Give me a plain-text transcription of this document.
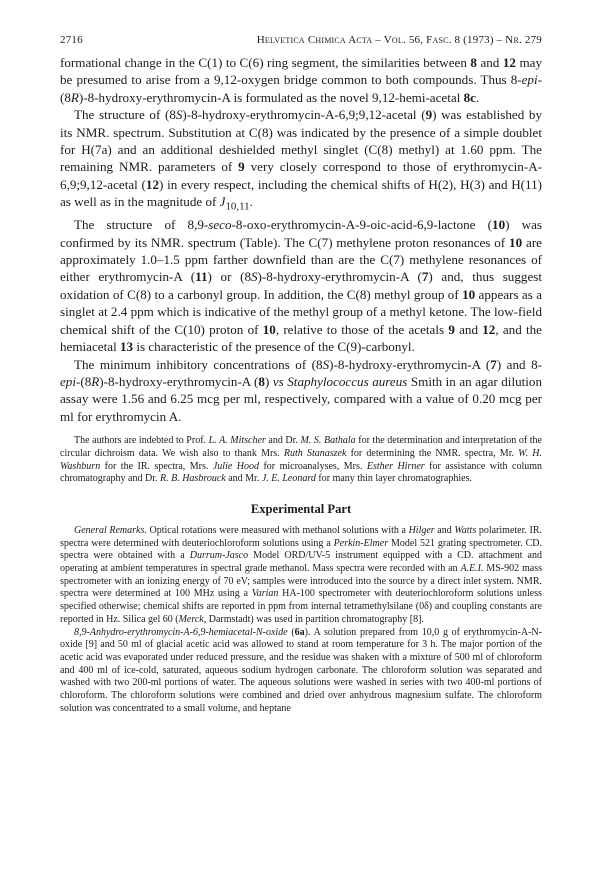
2716	Helvetica Chimica Acta – Vol. 56, Fasc. 8 (1973) – Nr. 279

formational change in the C(1) to C(6) ring segment, the similarities between 8 and 12 may be presumed to arise from a 9,12-oxygen bridge common to both compounds. Thus 8-epi-(8R)-8-hydroxy-erythromycin-A is formulated as the novel 9,12-hemi-acetal 8c.

The structure of (8S)-8-hydroxy-erythromycin-A-6,9;9,12-acetal (9) was established by its NMR. spectrum. Substitution at C(8) was indicated by the presence of a simple doublet for H(7a) and an additional deshielded methyl singlet (C(8) methyl) at 1.60 ppm. The remaining NMR. parameters of 9 very closely correspond to those of erythromycin-A-6,9;9,12-acetal (12) in every respect, including the chemical shifts of H(2), H(3) and H(11) as well as in the magnitude of $J_{10,11}$.

The structure of 8,9-seco-8-oxo-erythromycin-A-9-oic-acid-6,9-lactone (10) was confirmed by its NMR. spectrum (Table). The C(7) methylene proton resonances of 10 are approximately 1.0–1.5 ppm farther downfield than are the C(7) methylene resonances of either erythromycin-A (11) or (8S)-8-hydroxy-erythromycin-A (7) and, thus suggest oxidation of C(8) to a carbonyl group. In addition, the C(8) methyl group of 10 appears as a singlet at 2.4 ppm which is indicative of the methyl group of a methyl ketone. The low-field chemical shift of the C(10) proton of 10, relative to those of the acetals 9 and 12, and the hemiacetal 13 is characteristic of the presence of the C(9)-carbonyl.

The minimum inhibitory concentrations of (8S)-8-hydroxy-erythromycin-A (7) and 8-epi-(8R)-8-hydroxy-erythromycin-A (8) vs Staphylococcus aureus Smith in an agar dilution assay were 1.56 and 6.25 mcg per ml, respectively, compared with a value of 0.20 mcg per ml for erythromycin A.

The authors are indebted to Prof. L. A. Mitscher and Dr. M. S. Bathala for the determination and interpretation of the circular dichroism data. We wish also to thank Mrs. Ruth Stanaszek for determining the NMR. spectra, Mr. W. H. Washburn for the IR. spectra, Mrs. Julie Hood for microanalyses, Mrs. Esther Hirner for assistance with column chromatography and Dr. R. B. Hasbrouck and Mr. J. E. Leonard for many thin layer chromatographies.

Experimental Part

General Remarks. Optical rotations were measured with methanol solutions with a Hilger and Watts polarimeter. IR. spectra were determined with deuteriochloroform solutions using a Perkin-Elmer Model 521 grating spectrometer. CD. spectra were obtained with a Durrum-Jasco Model ORD/UV-5 instrument equipped with a CD. attachment and operating at ambient temperatures in spectral grade methanol. Mass spectra were recorded with an A.E.I. MS-902 mass spectrometer with an ionizing energy of 70 eV; samples were introduced into the source by a direct inlet system. NMR. spectra were determined at 100 MHz using a Varian HA-100 spectrometer with deuteriochloroform solutions unless specified otherwise; chemical shifts are reported in ppm from internal tetramethylsilane (0δ) and coupling constants are reported in Hz. Silica gel 60 (Merck, Darmstadt) was used in partition chromatography [8].

8,9-Anhydro-erythromycin-A-6,9-hemiacetal-N-oxide (6a). A solution prepared from 10,0 g of erythromycin-A-N-oxide [9] and 50 ml of glacial acetic acid was allowed to stand at room temperature for 3 h. The major portion of the acetic acid was evaporated under reduced pressure, and the residue was shaken with a mixture of 500 ml of chloroform and 400 ml of ice-cold, saturated, aqueous sodium hydrogen carbonate. The chloroform solution was separated and washed with two 200-ml portions of water. The aqueous solutions were washed in series with two 400-ml portions of chloroform. The chloroform solutions were combined and dried over anhydrous magnesium sulfate. The chloroform solution was concentrated to a small volume, and heptane
